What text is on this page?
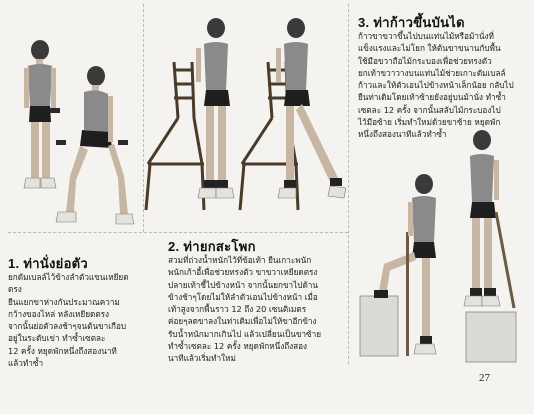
1. ท่านั่งย่อตัว
ยกดัมเบลล์ไว้ข้างลำตัวแขนเหยียดตรง
ยืนแยกขาห่างกันประมาณความ
กว้างของไหล่ หลังเหยียดตรง
จากนั้นย่อตัวลงช้าๆจนต้นขาเกือบ
อยู่ในระดับเข่า ทำซ้ำเซตละ
12 ครั้ง หยุดพักหนึ่งถึงสองนาที
แล้วทำซ้ำ
2. ท่ายกสะโพก
สวมที่ถ่วงน้ำหนักไว้ที่ข้อเท้า ยืนเกาะพนัก
พนักเก้าอี้เพื่อช่วยทรงตัว ขาขวาเหยียดตรง
ปลายเท้าชี้ไปข้างหน้า จากนั้นยกขาไปด้าน
ข้างช้าๆโดยไม่ให้ลำตัวเอนไปข้างหน้า เมื่อ
เท้าสูงจากพื้นราว 12 ถึง 20 เซนติเมตร
ค่อยๆลดขาลงในท่าเดิมเพื่อไม่ให้ขาอีกข้าง
รับน้ำหนักมากเกินไป แล้วเปลี่ยนเป็นขาซ้าย
ทำซ้ำเซตละ 12 ครั้ง หยุดพักหนึ่งถึงสอง
นาทีแล้วเริ่มทำใหม่
3. ท่าก้าวขึ้นบันได
ก้าวขาขวาขึ้นไปบนแท่นไม้หรือม้านั่งที่
แข็งแรงและไม่โยก ให้ต้นขาขนานกับพื้น
ใช้มือขวาถือไม้กระบองเพื่อช่วยทรงตัว
ยกเท้าขวาวางบนแท่นไม้ช่วยเกาะดัมเบลล์
ก้าวและให้ตัวเอนไปข้างหน้าเล็กน้อย กลับไป
ยืนท่าเดิมโดยเท้าซ้ายยังอยู่บนม้านั่ง ทำซ้ำ
เซตละ 12 ครั้ง จากนั้นสลับไม้กระบองไป
ไว้มือซ้าย เริ่มทำใหม่ด้วยขาซ้าย หยุดพัก
หนึ่งถึงสองนาทีแล้วทำซ้ำ
27
